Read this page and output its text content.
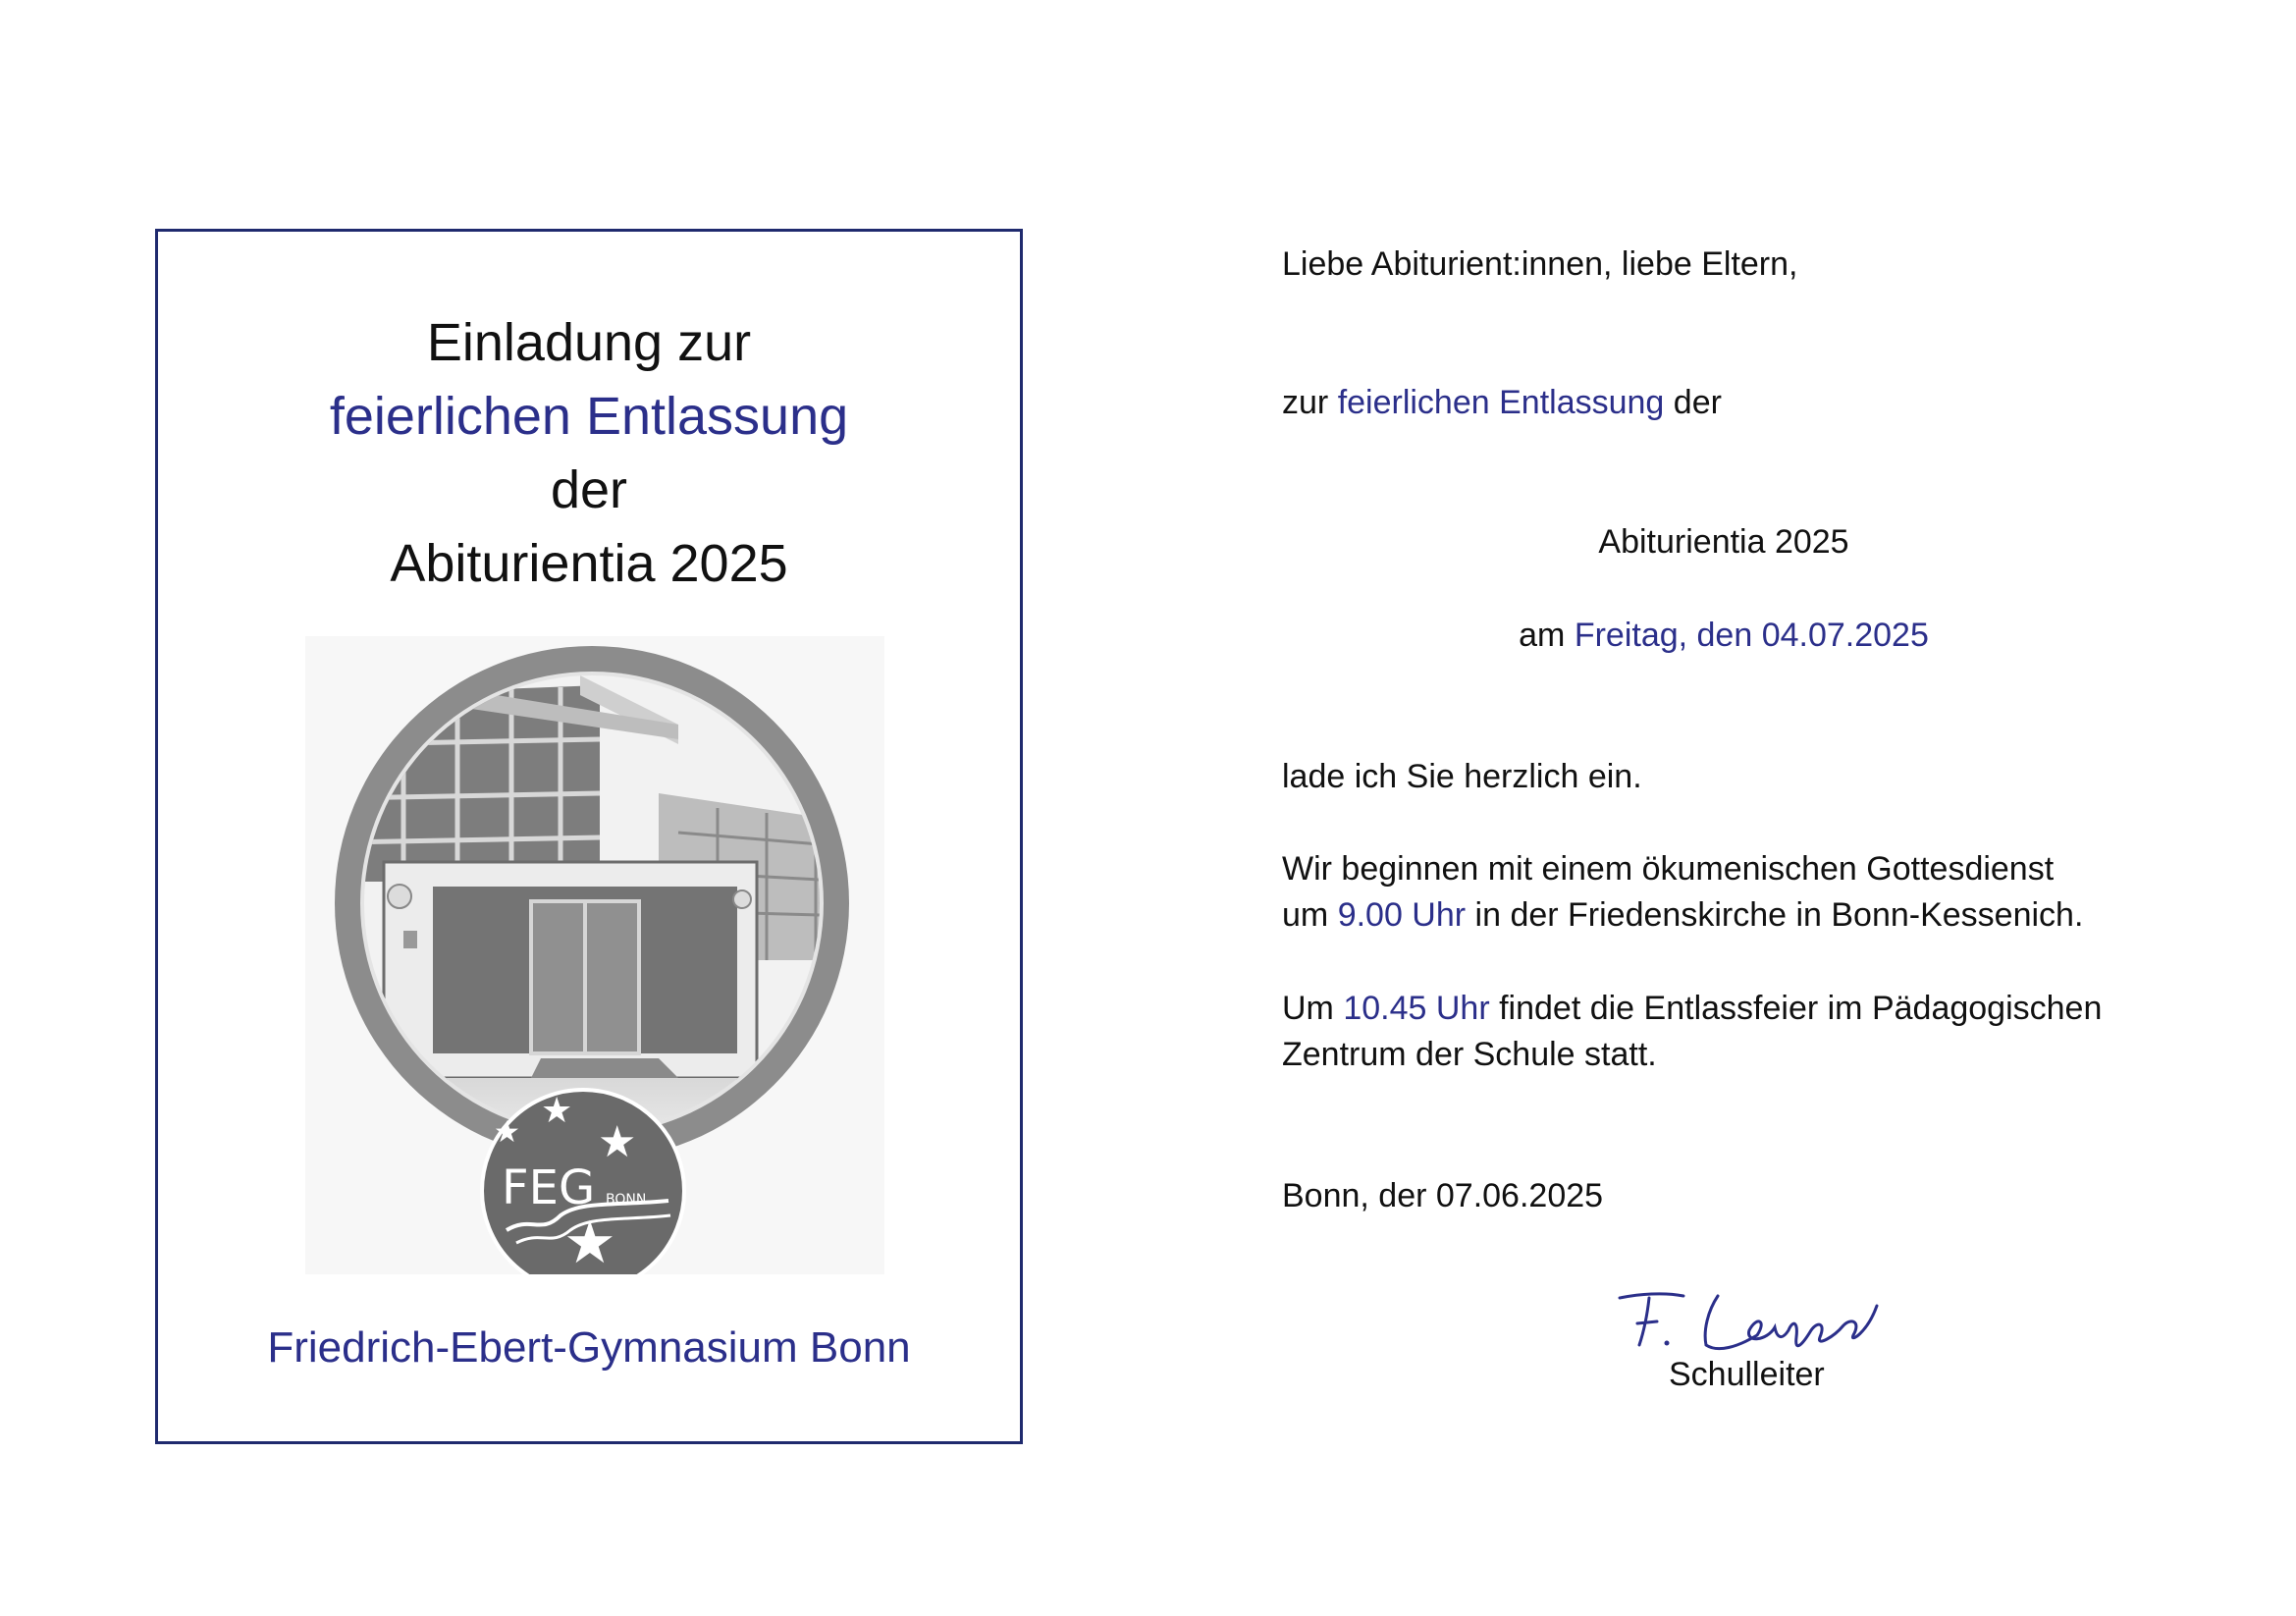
Einladung zur
feierlichen Entlassung
der
Abiturientia 2025
★
★
★
★
FEG BONN
Friedrich-Ebert-Gymnasium Bonn
Liebe Abiturient:innen, liebe Eltern,
zur feierlichen Entlassung der
Abiturientia 2025
am Freitag, den 04.07.2025
lade ich Sie herzlich ein.
Wir beginnen mit einem ökumenischen Gottesdienst
um 9.00 Uhr in der Friedenskirche in Bonn-Kessenich.
Um 10.45 Uhr findet die Entlassfeier im Pädagogischen
Zentrum der Schule statt.
Bonn, der 07.06.2025
Schulleiter
